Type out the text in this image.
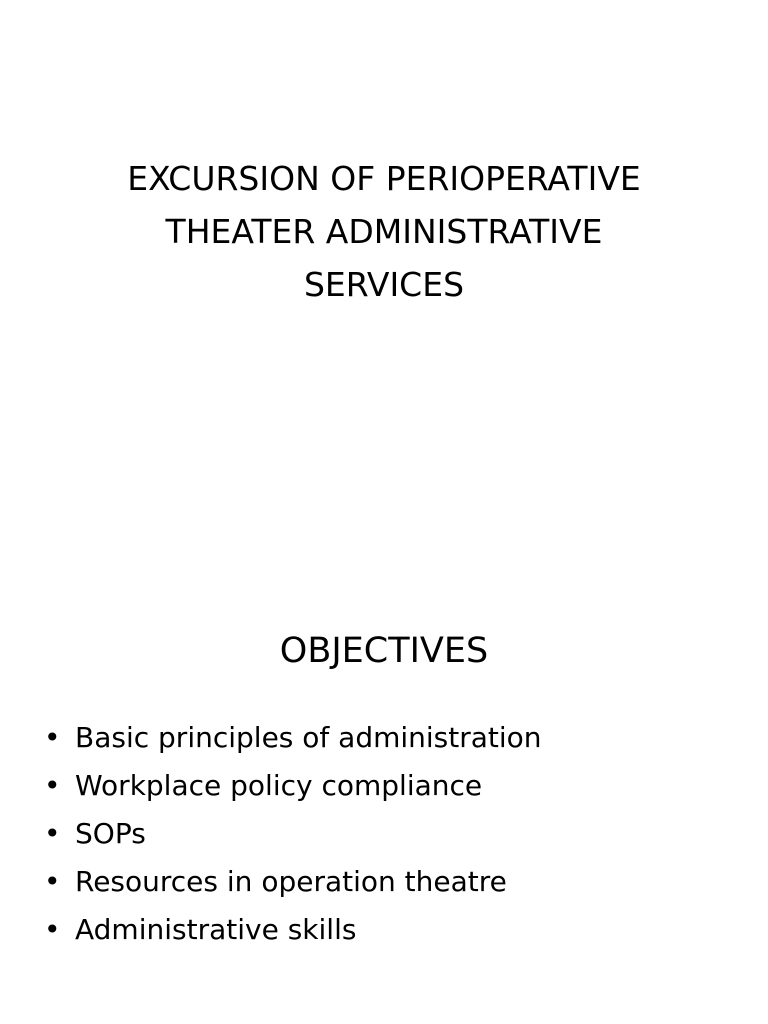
EXCURSION OF PERIOPERATIVE
THEATER ADMINISTRATIVE
SERVICES
OBJECTIVES
• Basic principles of administration
• Workplace policy compliance
• SOPs
• Resources in operation theatre
• Administrative skills
